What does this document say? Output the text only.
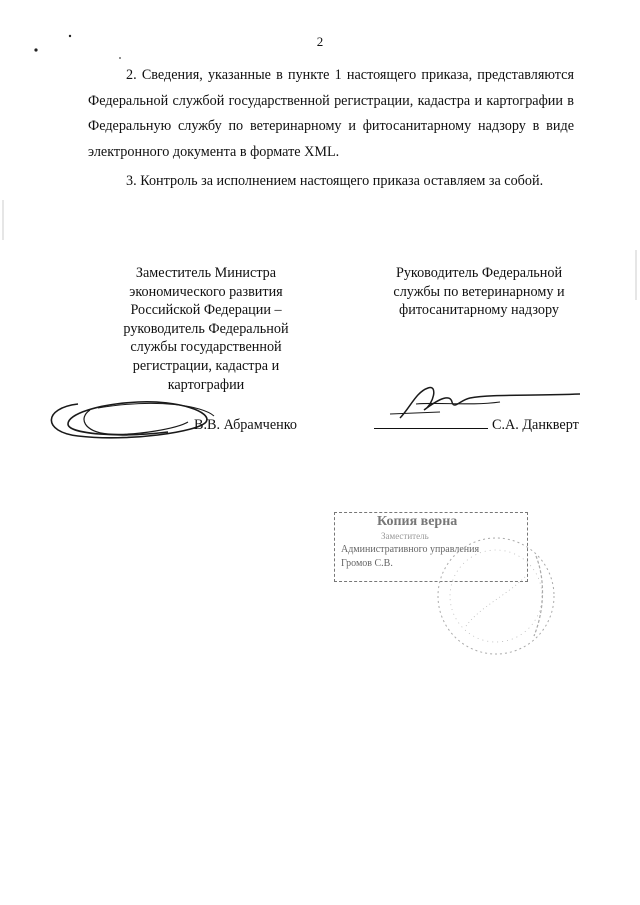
2

2. Сведения, указанные в пункте 1 настоящего приказа, представляются Федеральной службой государственной регистрации, кадастра и картографии в Федеральную службу по ветеринарному и фитосанитарному надзору в виде электронного документа в формате XML.

3. Контроль за исполнением настоящего приказа оставляем за собой.

Заместитель Министра
экономического развития
Российской Федерации –
руководитель Федеральной
службы государственной
регистрации, кадастра и
картографии
Руководитель Федеральной
службы по ветеринарному и
фитосанитарному надзору
В.В. Абрамченко	С.А. Данкверт
Копия верна
Заместитель
Административного управления
Громов С.В.
